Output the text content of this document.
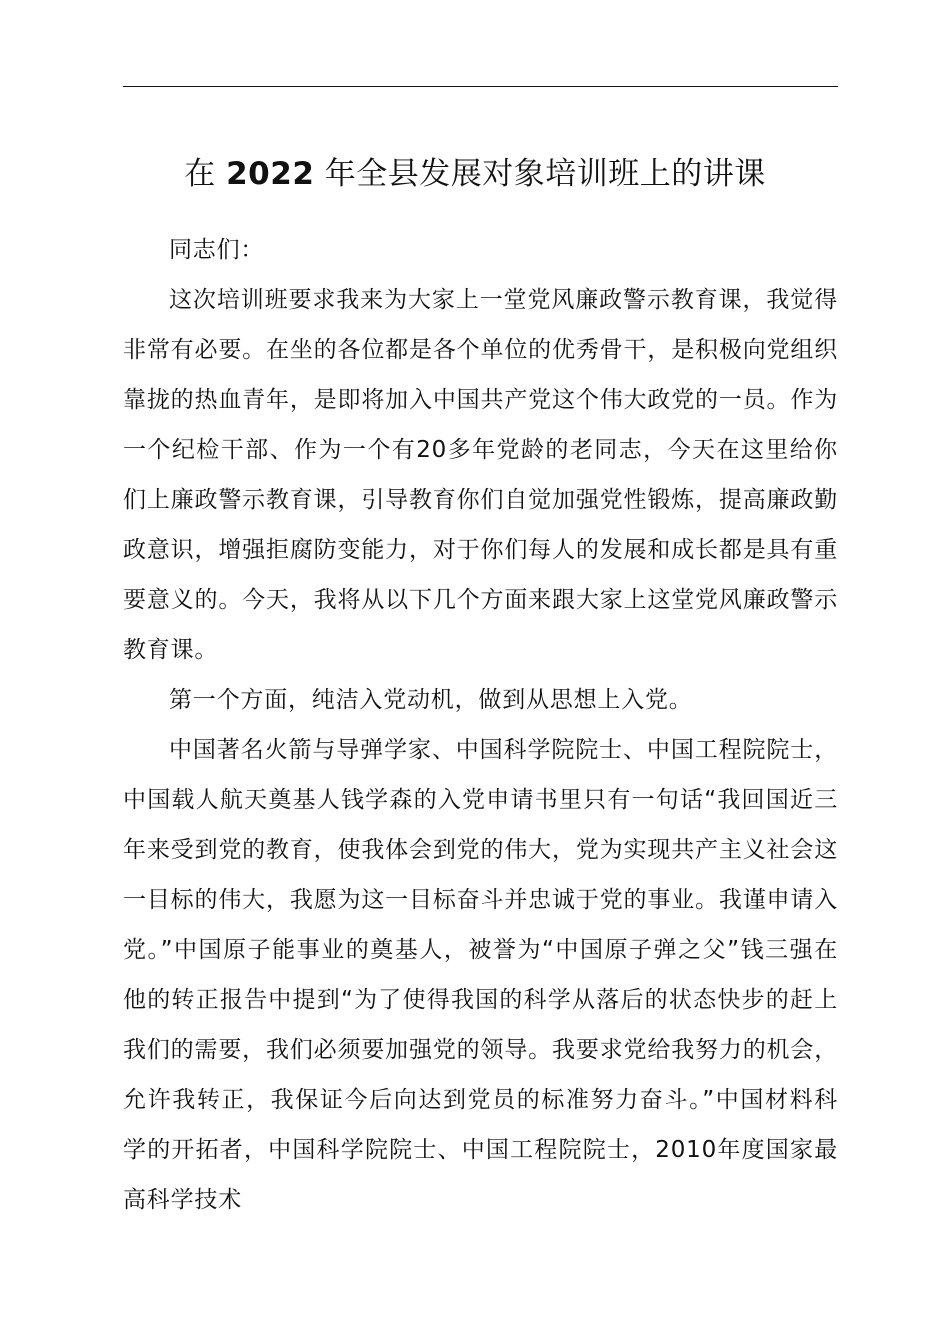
在 2022 年全县发展对象培训班上的讲课

同志们：

这次培训班要求我来为大家上一堂党风廉政警示教育课，我觉得非常有必要。在坐的各位都是各个单位的优秀骨干，是积极向党组织靠拢的热血青年，是即将加入中国共产党这个伟大政党的一员。作为一个纪检干部、作为一个有20多年党龄的老同志，今天在这里给你们上廉政警示教育课，引导教育你们自觉加强党性锻炼，提高廉政勤政意识，增强拒腐防变能力，对于你们每人的发展和成长都是具有重要意义的。今天，我将从以下几个方面来跟大家上这堂党风廉政警示教育课。

第一个方面，纯洁入党动机，做到从思想上入党。

中国著名火箭与导弹学家、中国科学院院士、中国工程院院士，中国载人航天奠基人钱学森的入党申请书里只有一句话“我回国近三年来受到党的教育，使我体会到党的伟大，党为实现共产主义社会这一目标的伟大，我愿为这一目标奋斗并忠诚于党的事业。我谨申请入党。”中国原子能事业的奠基人，被誉为“中国原子弹之父”钱三强在他的转正报告中提到“为了使得我国的科学从落后的状态快步的赶上我们的需要，我们必须要加强党的领导。我要求党给我努力的机会，允许我转正，我保证今后向达到党员的标准努力奋斗。”中国材料科学的开拓者，中国科学院院士、中国工程院院士，2010年度国家最高科学技术
